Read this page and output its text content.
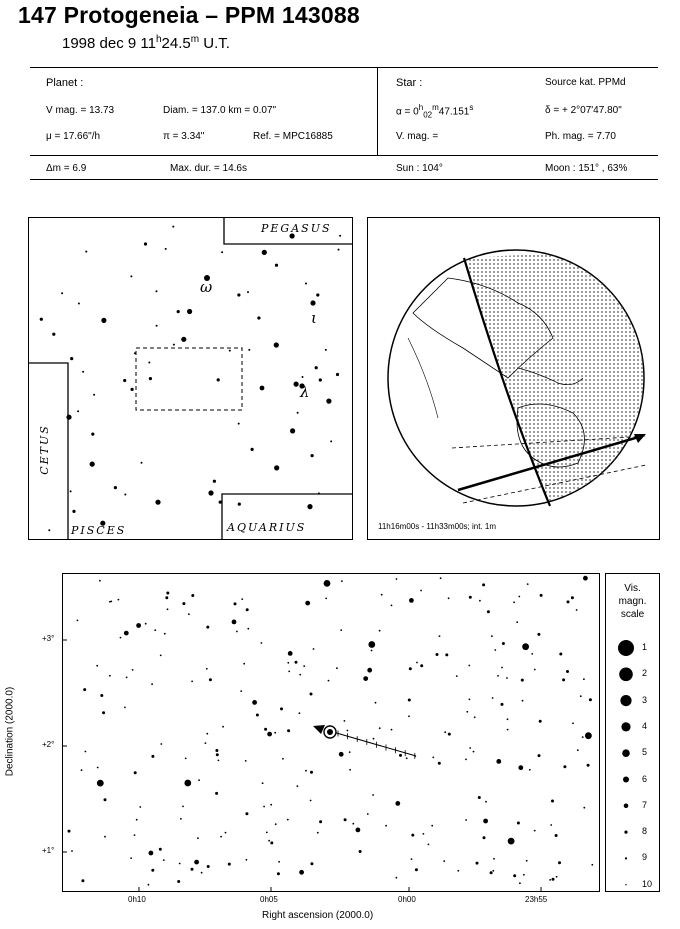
147 Protogeneia – PPM 143088
1998 dec 9 11$^h$24.5$^m$ U.T.
Planet :
V mag. = 13.73	Diam. = 137.0 km = 0.07"
μ = 17.66"/h	π = 3.34"	Ref. = MPC16885
Star :	Source kat. PPMd
$\alpha = 0^h_{02}^m47.151^s$	δ = + 2°07'47.80"
V. mag. =	Ph. mag. = 7.70
Δm = 6.9	Max. dur. = 14.6s	Sun : 104°	Moon : 151° , 63%
PEGASUS
CETUS
PISCES	AQUARIUS
ω
ι
λ
11h16m00s - 11h33m00s; int. 1m
+3°
+2°
+1°
0h10	0h05	0h00	23h55
Right ascension (2000.0)
Declination (2000.0)
Vis.
magn.
scale
1
2
3
4
5
6
7
8
9
10
